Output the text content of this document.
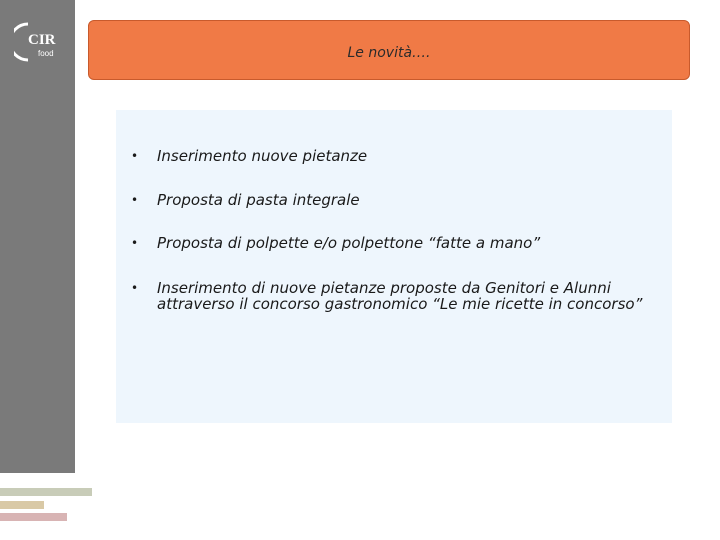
CIR
food	Le novità….
• Inserimento nuove pietanze
• Proposta di pasta integrale
• Proposta di polpette e/o polpettone “fatte a mano”
• Inserimento di nuove pietanze proposte da Genitori e Alunni attraverso il concorso gastronomico “Le mie ricette in concorso”
